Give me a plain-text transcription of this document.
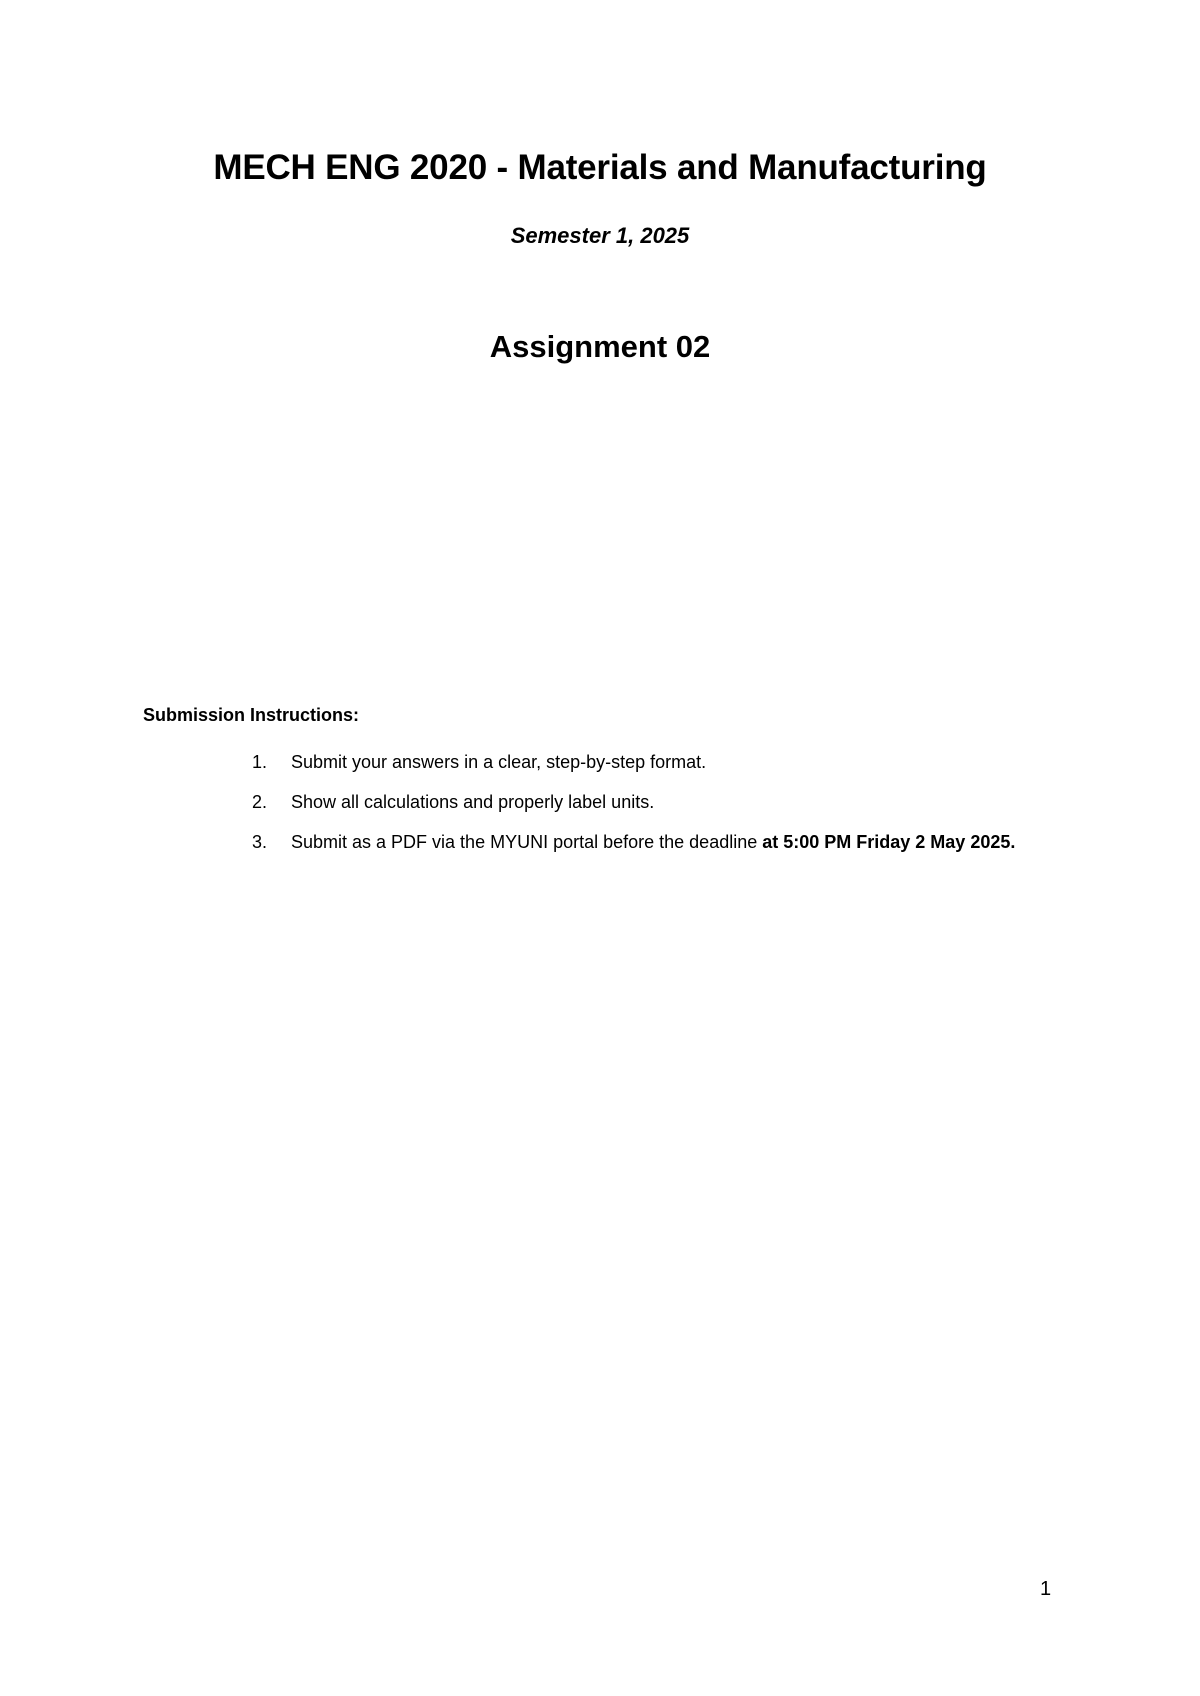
MECH ENG 2020 - Materials and Manufacturing
Semester 1, 2025
Assignment 02
Submission Instructions:
1. Submit your answers in a clear, step-by-step format.
2. Show all calculations and properly label units.
3. Submit as a PDF via the MYUNI portal before the deadline at 5:00 PM Friday 2 May 2025.
1
